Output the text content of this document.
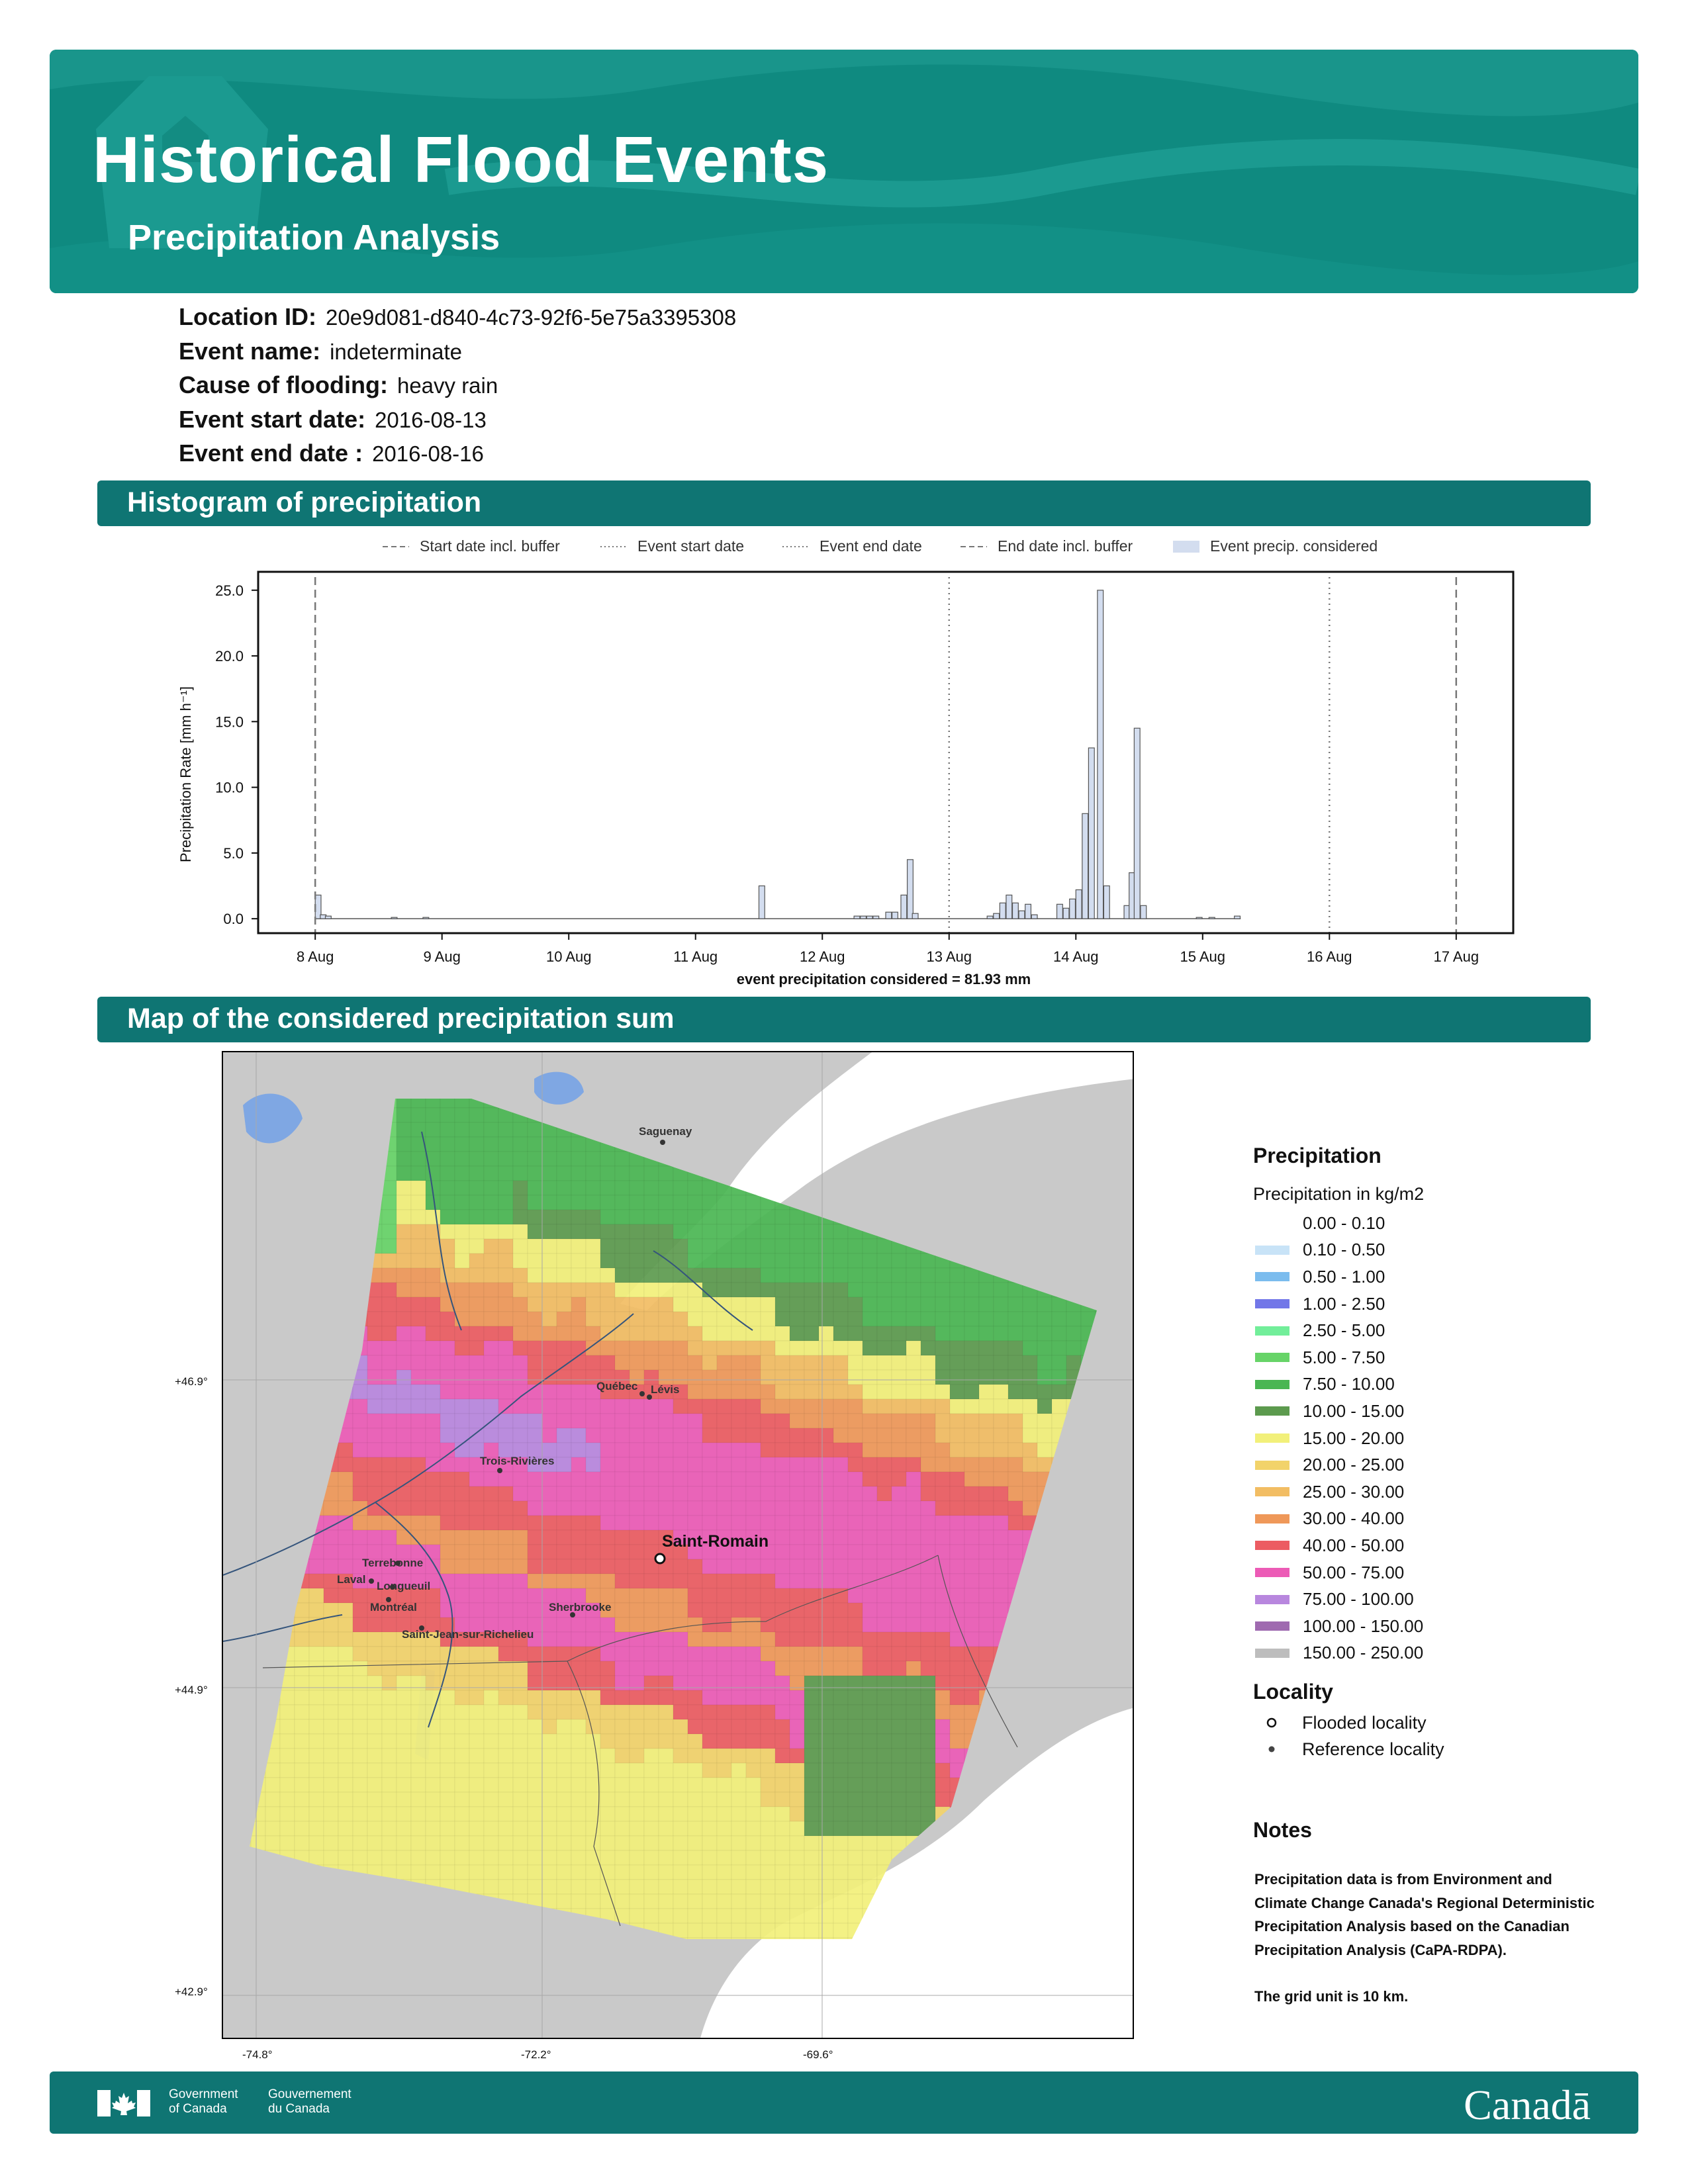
Historical Flood Events
Precipitation Analysis
Location ID: 20e9d081-d840-4c73-92f6-5e75a3395308
Event name: indeterminate
Cause of flooding: heavy rain
Event start date: 2016-08-13
Event end date : 2016-08-16
Histogram of precipitation
Start date incl. buffer	Event start date	Event end date	End date incl. buffer	Event precip. considered
0.0
5.0
10.0
15.0
20.0
25.0
8 Aug	9 Aug	10 Aug	11 Aug	12 Aug	13 Aug	14 Aug	15 Aug	16 Aug	17 Aug
Precipitation Rate [mm h⁻¹]
event precipitation considered = 81.93 mm
Map of the considered precipitation sum
Saguenay
Québec Lévis
Trois-Rivières
Terrebonne
Laval
Longueuil
Montréal	Sherbrooke
Saint-Jean-sur-Richelieu
Saint-Romain
+46.9°
+44.9°
+42.9°
-74.8°	-72.2°	-69.6°
Precipitation
Precipitation in kg/m2
0.00 - 0.10
0.10 - 0.50
0.50 - 1.00
1.00 - 2.50
2.50 - 5.00
5.00 - 7.50
7.50 - 10.00
10.00 - 15.00
15.00 - 20.00
20.00 - 25.00
25.00 - 30.00
30.00 - 40.00
40.00 - 50.00
50.00 - 75.00
75.00 - 100.00
100.00 - 150.00
150.00 - 250.00
Locality
Flooded locality
Reference locality
Notes
Precipitation data is from Environment and Climate Change Canada's Regional Deterministic Precipitation Analysis based on the Canadian Precipitation Analysis (CaPA-RDPA).
The grid unit is 10 km.
Government
of Canada
Gouvernement
du Canada	Canadā
